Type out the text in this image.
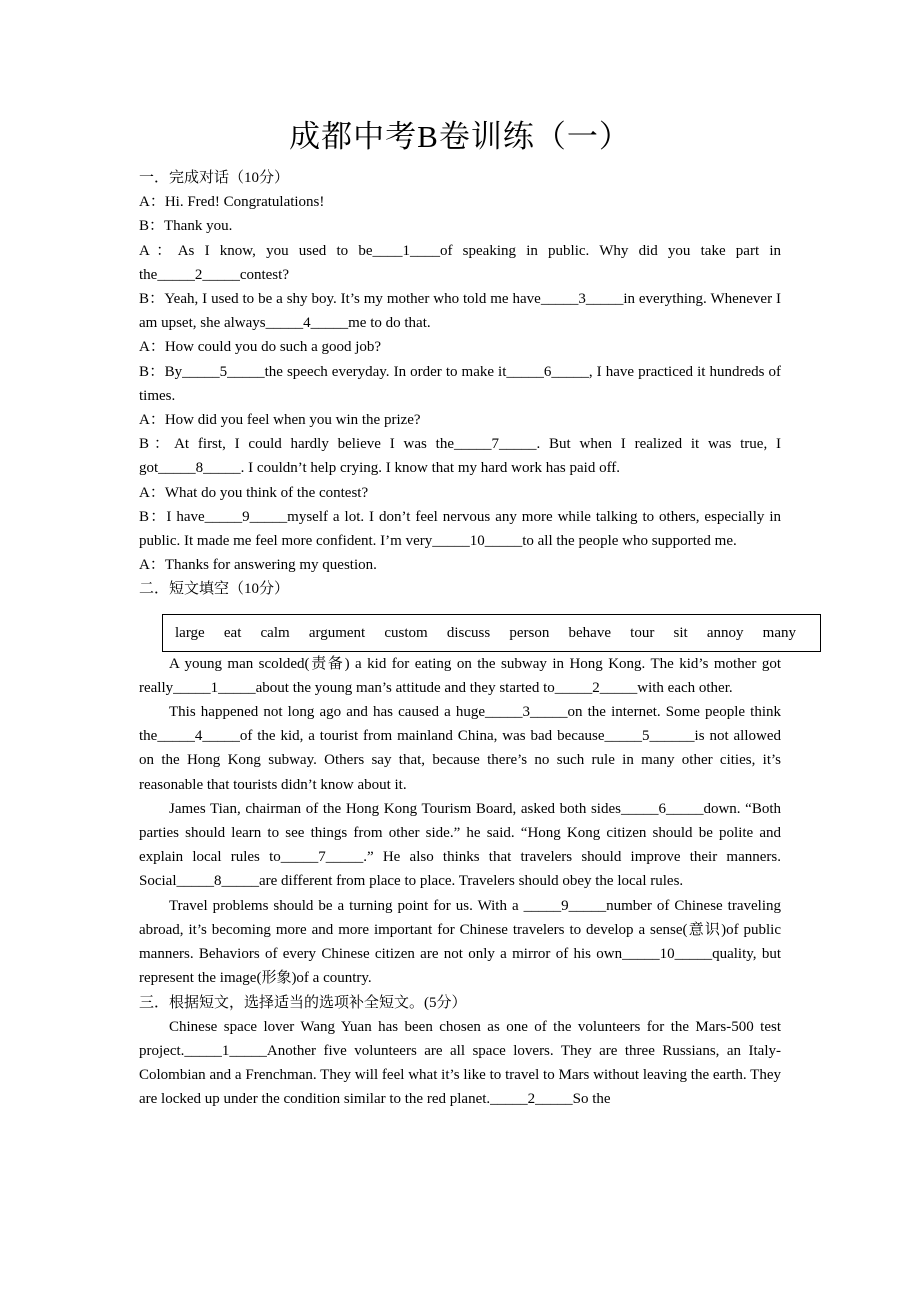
成都中考B卷训练（一）

一．完成对话（10分）

A：Hi. Fred! Congratulations!

B：Thank you.

A：As I know, you used to be____1____of speaking in public. Why did you take part in the_____2_____contest?

B：Yeah, I used to be a shy boy. It’s my mother who told me have_____3_____in everything. Whenever I am upset, she always_____4_____me to do that.

A：How could you do such a good job?

B：By_____5_____the speech everyday. In order to make it_____6_____, I have practiced it hundreds of times.

A：How did you feel when you win the prize?

B：At first, I could hardly believe I was the_____7_____. But when I realized it was true, I got_____8_____. I couldn’t help crying. I know that my hard work has paid off.

A：What do you think of the contest?

B：I have_____9_____myself a lot. I don’t feel nervous any more while talking to others, especially in public. It made me feel more confident. I’m very_____10_____to all the people who supported me.

A：Thanks for answering my question.

二．短文填空（10分）

large eat calm argument custom discuss person behave tour sit annoy many

A young man scolded(责备) a kid for eating on the subway in Hong Kong. The kid’s mother got really_____1_____about the young man’s attitude and they started to_____2_____with each other.

This happened not long ago and has caused a huge_____3_____on the internet. Some people think the_____4_____of the kid, a tourist from mainland China, was bad because_____5______is not allowed on the Hong Kong subway. Others say that, because there’s no such rule in many other cities, it’s reasonable that tourists didn’t know about it.

James Tian, chairman of the Hong Kong Tourism Board, asked both sides_____6_____down. “Both parties should learn to see things from other side.” he said. “Hong Kong citizen should be polite and explain local rules to_____7_____.” He also thinks that travelers should improve their manners. Social_____8_____are different from place to place. Travelers should obey the local rules.

Travel problems should be a turning point for us. With a _____9_____number of Chinese traveling abroad, it’s becoming more and more important for Chinese travelers to develop a sense(意识)of public manners. Behaviors of every Chinese citizen are not only a mirror of his own_____10_____quality, but represent the image(形象)of a country.

三．根据短文，选择适当的选项补全短文。(5分）

Chinese space lover Wang Yuan has been chosen as one of the volunteers for the Mars-500 test project._____1_____Another five volunteers are all space lovers. They are three Russians, an Italy-Colombian and a Frenchman. They will feel what it’s like to travel to Mars without leaving the earth. They are locked up under the condition similar to the red planet._____2_____So the
